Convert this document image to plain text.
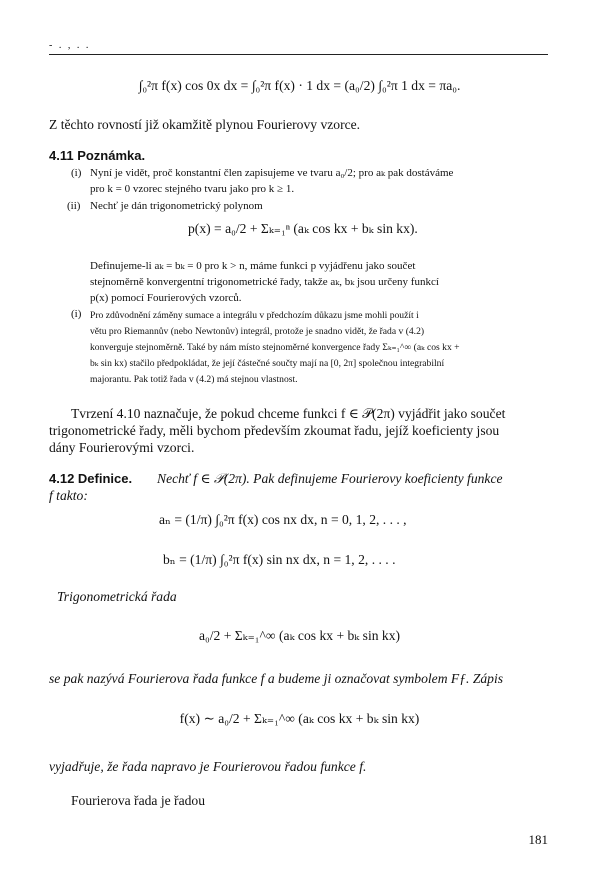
- . , . .
∫₀²π f(x) cos 0x dx = ∫₀²π f(x) · 1 dx = (a₀/2) ∫₀²π 1 dx = πa₀.
Z těchto rovností již okamžitě plynou Fourierovy vzorce.
4.11 Poznámka.
(i) Nyní je vidět, proč konstantní člen zapisujeme ve tvaru a₀/2; pro aₖ pak dostáváme
pro k = 0 vzorec stejného tvaru jako pro k ≥ 1.
(ii) Nechť je dán trigonometrický polynom
p(x) = a₀/2 + Σₖ₌₁ⁿ (aₖ cos kx + bₖ sin kx).
Definujeme-li aₖ = bₖ = 0 pro k > n, máme funkci p vyjádřenu jako součet
stejnoměrně konvergentní trigonometrické řady, takže aₖ, bₖ jsou určeny funkcí
p(x) pomocí Fourierových vzorců.
(i) Pro zdůvodnění záměny sumace a integrálu v předchozím důkazu jsme mohli použít i
větu pro Riemannův (nebo Newtonův) integrál, protože je snadno vidět, že řada v (4.2)
konverguje stejnoměrně. Také by nám místo stejnoměrné konvergence řady Σₖ₌₁^∞ (aₖ cos kx +
bₖ sin kx) stačilo předpokládat, že její částečné součty mají na [0, 2π] společnou integrabilní
majorantu. Pak totiž řada v (4.2) má stejnou vlastnost.
Tvrzení 4.10 naznačuje, že pokud chceme funkci f ∈ 𝒫(2π) vyjádřit jako součet
trigonometrické řady, měli bychom především zkoumat řadu, jejíž koeficienty jsou
dány Fourierovými vzorci.
4.12 Definice. Nechť f ∈ 𝒫(2π). Pak definujeme Fourierovy koeficienty funkce
f takto:
aₙ = (1/π) ∫₀²π f(x) cos nx dx, n = 0, 1, 2, . . . ,
bₙ = (1/π) ∫₀²π f(x) sin nx dx, n = 1, 2, . . . .
Trigonometrická řada
a₀/2 + Σₖ₌₁^∞ (aₖ cos kx + bₖ sin kx)
se pak nazývá Fourierova řada funkce f a budeme ji označovat symbolem Fƒ. Zápis
f(x) ∼ a₀/2 + Σₖ₌₁^∞ (aₖ cos kx + bₖ sin kx)
vyjadřuje, že řada napravo je Fourierovou řadou funkce f.
Fourierova řada je řadou
181
